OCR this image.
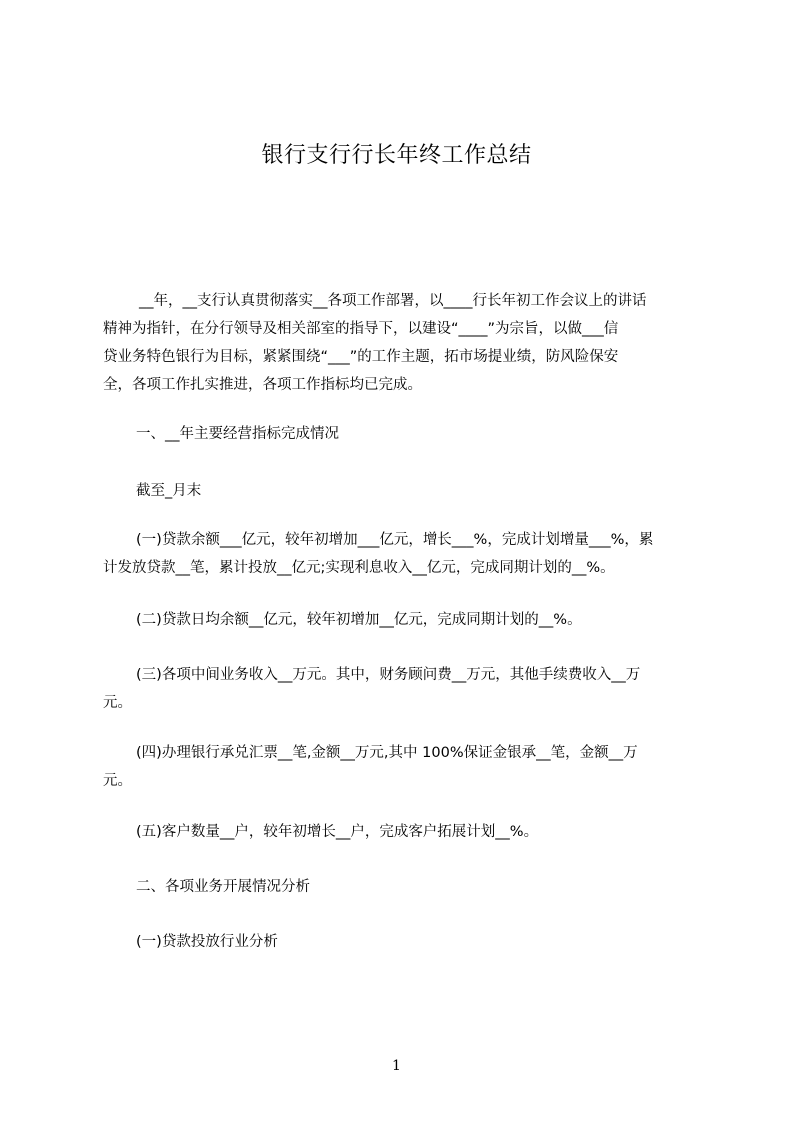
银行支行行长年终工作总结
__年，__支行认真贯彻落实__各项工作部署，以____行长年初工作会议上的讲话
精神为指针，在分行领导及相关部室的指导下，以建设“____”为宗旨，以做___信
贷业务特色银行为目标，紧紧围绕“___”的工作主题，拓市场提业绩，防风险保安
全，各项工作扎实推进，各项工作指标均已完成。
一、__年主要经营指标完成情况
截至_月末
(一)贷款余额___亿元，较年初增加___亿元，增长___%，完成计划增量___%，累
计发放贷款__笔，累计投放__亿元;实现利息收入__亿元，完成同期计划的__%。
(二)贷款日均余额__亿元，较年初增加__亿元，完成同期计划的__%。
(三)各项中间业务收入__万元。其中，财务顾问费__万元，其他手续费收入__万
元。
(四)办理银行承兑汇票__笔,金额__万元,其中 100%保证金银承__笔，金额__万
元。
(五)客户数量__户，较年初增长__户，完成客户拓展计划__%。
二、各项业务开展情况分析
(一)贷款投放行业分析
1
